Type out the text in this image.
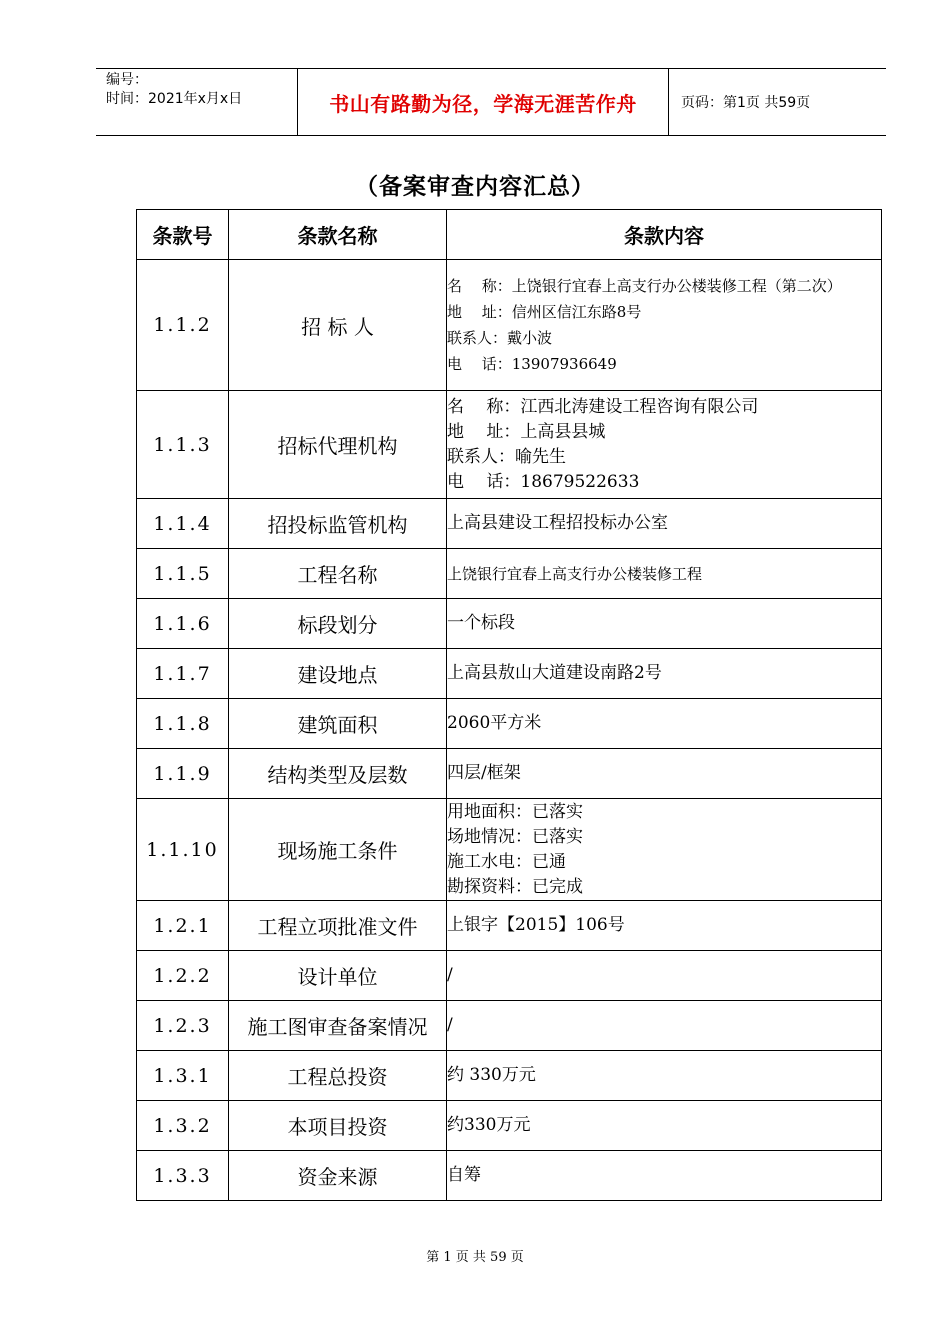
编号：
时间：2021年x月x日	书山有路勤为径，学海无涯苦作舟	页码：第1页 共59页
（备案审查内容汇总）
条款号	条款名称	条款内容
1.1.2	招 标 人	名　 称：上饶银行宜春上高支行办公楼装修工程（第二次）
地　 址：信州区信江东路8号
联系人：戴小波
电　 话：13907936649

1.1.3	招标代理机构	名　 称：江西北涛建设工程咨询有限公司
地　 址：上高县县城
联系人：喻先生
电　 话：18679522633

1.1.4	招投标监管机构	上高县建设工程招投标办公室

1.1.5	工程名称	上饶银行宜春上高支行办公楼装修工程

1.1.6	标段划分	一个标段

1.1.7	建设地点	上高县敖山大道建设南路2号

1.1.8	建筑面积	2060平方米

1.1.9	结构类型及层数	四层/框架

1.1.10	现场施工条件	用地面积：已落实
场地情况：已落实
施工水电：已通
勘探资料：已完成

1.2.1	工程立项批准文件	上银字【2015】106号

1.2.2	设计单位	/

1.2.3	施工图审查备案情况	/

1.3.1	工程总投资	约 330万元

1.3.2	本项目投资	约330万元

1.3.3	资金来源	自筹
第 1 页 共 59 页
